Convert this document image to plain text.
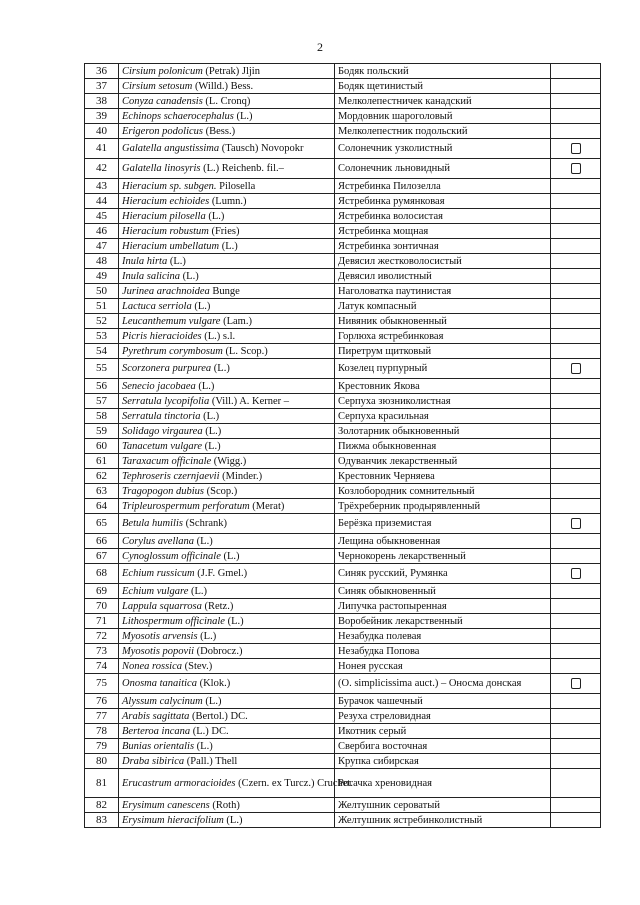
2
36	Cirsium polonicum (Petrak) Jljin	Бодяк польский	
37	Cirsium setosum (Willd.) Bess.	Бодяк щетинистый	
38	Conyza canadensis (L. Cronq)	Мелколепестничек канадский	
39	Echinops schaerocephalus (L.)	Мордовник шароголовый	
40	Erigeron podolicus (Bess.)	Мелколепестник подольский	
41	Galatella angustissima (Tausch) Novopokr	Солонечник узколистный	
42	Galatella linosyris (L.) Reichenb. fil.–	Солонечник льновидный	
43	Hieracium sp. subgen. Pilosella	Ястребинка Пилозелла	
44	Hieracium echioides (Lumn.)	Ястребинка румянковая	
45	Hieracium pilosella (L.)	Ястребинка волосистая	
46	Hieracium robustum (Fries)	Ястребинка мощная	
47	Hieracium umbellatum (L.)	Ястребинка зонтичная	
48	Inula hirta (L.)	Девясил жестковолосистый	
49	Inula salicina (L.)	Девясил иволистный	
50	Jurinea arachnoidea Bunge	Наголоватка паутинистая	
51	Lactuca serriola (L.)	Латук компасный	
52	Leucanthemum vulgare (Lam.)	Нивяник обыкновенный	
53	Picris hieracioides (L.) s.l.	Горлюха ястребинковая	
54	Pyrethrum corymbosum (L. Scop.)	Пиретрум щитковый	
55	Scorzonera purpurea (L.)	Козелец пурпурный	
56	Senecio jacobaea (L.)	Крестовник Якова	
57	Serratula lycopifolia (Vill.) A. Kerner –	Серпуха зюзниколистная	
58	Serratula tinctoria (L.)	Серпуха красильная	
59	Solidago virgaurea (L.)	Золотарник обыкновенный	
60	Tanacetum vulgare (L.)	Пижма обыкновенная	
61	Taraxacum officinale (Wigg.)	Одуванчик лекарственный	
62	Tephroseris czernjaevii (Minder.)	Крестовник Черняева	
63	Tragopogon dubius (Scop.)	Козлобородник сомнительный	
64	Tripleurospermum perforatum (Merat)	Трёхреберник продырявленный	
65	Betula humilis (Schrank)	Берёзка приземистая	
66	Corylus avellana (L.)	Лещина обыкновенная	
67	Cynoglossum officinale (L.)	Чернокорень лекарственный	
68	Echium russicum (J.F. Gmel.)	Синяк русский, Румянка	
69	Echium vulgare (L.)	Синяк обыкновенный	
70	Lappula squarrosa (Retz.)	Липучка растопыренная	
71	Lithospermum officinale (L.)	Воробейник лекарственный	
72	Myosotis arvensis (L.)	Незабудка полевая	
73	Myosotis popovii (Dobrocz.)	Незабудка Попова	
74	Nonea rossica (Stev.)	Нонея русская	
75	Onosma tanaitica (Klok.)	(O. simplicissima auct.) – Оносма донская	
76	Alyssum calycinum (L.)	Бурачок чашечный	
77	Arabis sagittata (Bertol.) DC.	Резуха стреловидная	
78	Berteroa incana (L.) DC.	Икотник серый	
79	Bunias orientalis (L.)	Свербига восточная	
80	Draba sibirica (Pall.) Thell	Крупка сибирская	
81	Erucastrum armoracioides (Czern. ex Turcz.) Cruchet.	Рогачка хреновидная	
82	Erysimum canescens (Roth)	Желтушник сероватый	
83	Erysimum hieracifolium (L.)	Желтушник ястребинколистный	
